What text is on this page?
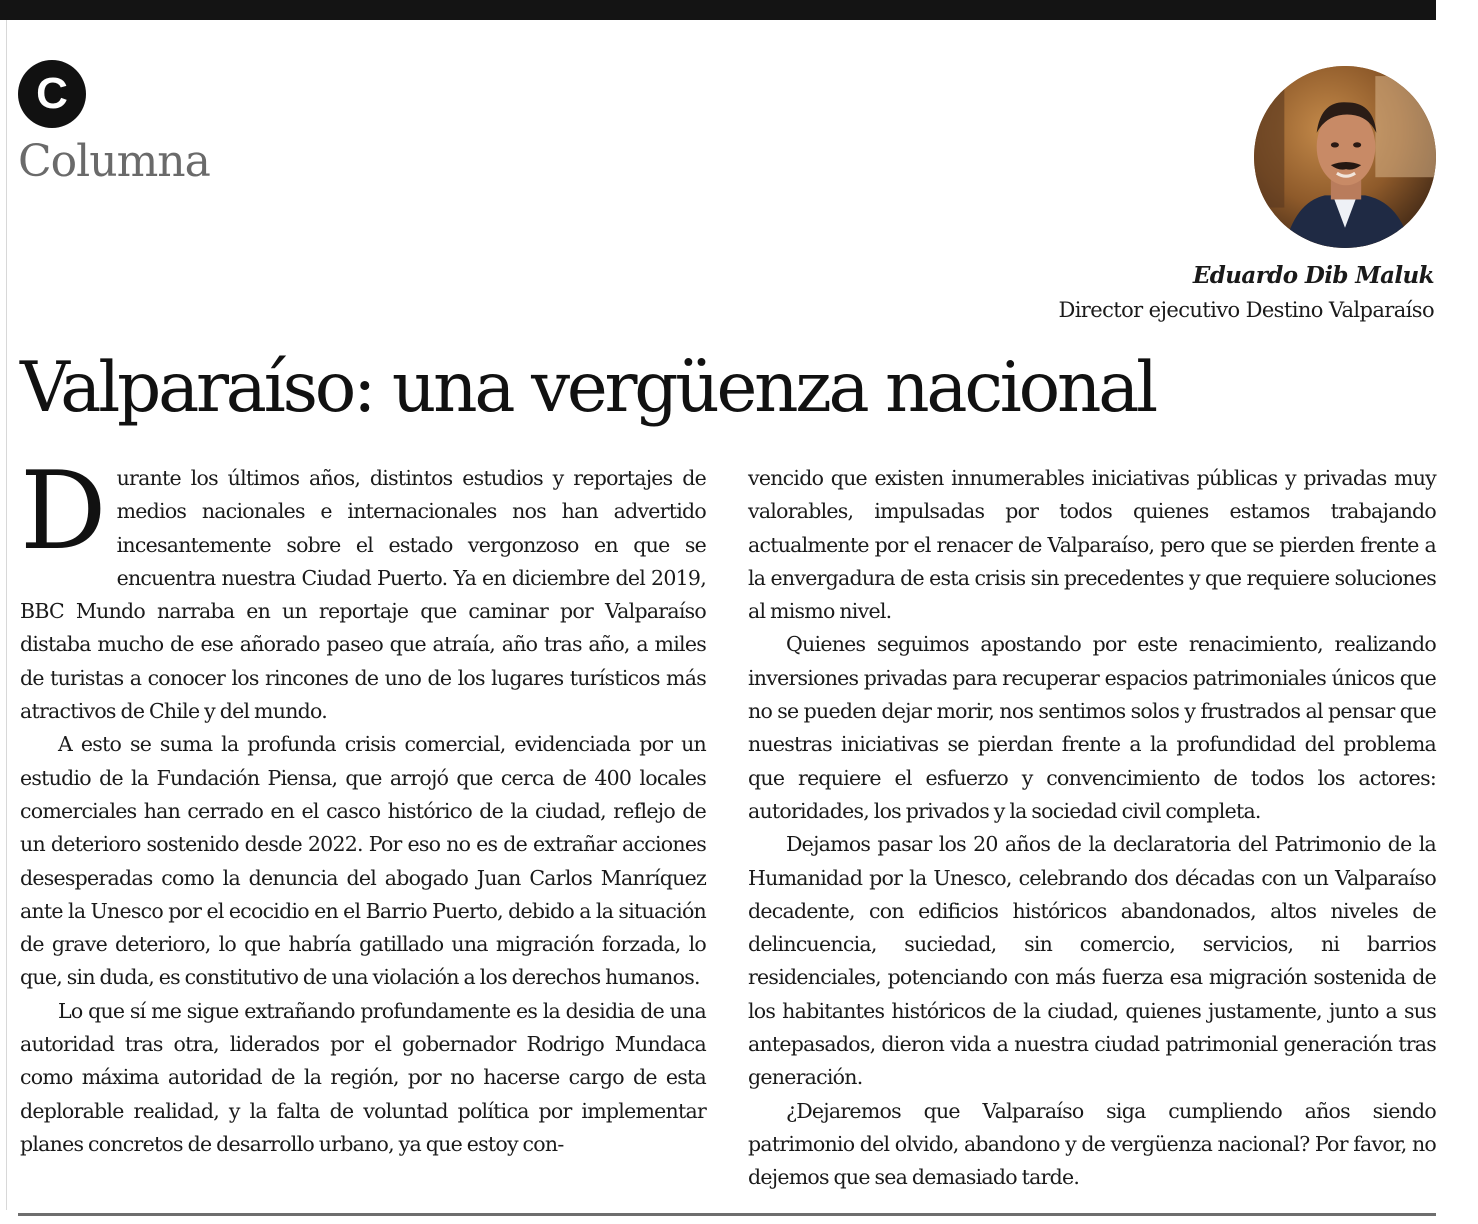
C
Columna
Eduardo Dib Maluk
Director ejecutivo Destino Valparaíso
Valparaíso: una vergüenza nacional

Durante los últimos años, distintos estudios y reportajes de medios nacionales e internacionales nos han advertido incesantemente sobre el estado vergonzoso en que se encuentra nuestra Ciudad Puerto. Ya en diciembre del 2019, BBC Mundo narraba en un reportaje que caminar por Valparaíso distaba mucho de ese añorado paseo que atraía, año tras año, a miles de turistas a conocer los rincones de uno de los lugares turísticos más atractivos de Chile y del mundo.

A esto se suma la profunda crisis comercial, evidenciada por un estudio de la Fundación Piensa, que arrojó que cerca de 400 locales comerciales han cerrado en el casco histórico de la ciudad, reflejo de un deterioro sostenido desde 2022. Por eso no es de extrañar acciones desesperadas como la denuncia del abogado Juan Carlos Manríquez ante la Unesco por el ecocidio en el Barrio Puerto, debido a la situación de grave deterioro, lo que habría gatillado una migración forzada, lo que, sin duda, es constitutivo de una violación a los derechos humanos.

Lo que sí me sigue extrañando profundamente es la desidia de una autoridad tras otra, liderados por el gobernador Rodrigo Mundaca como máxima autoridad de la región, por no hacerse cargo de esta deplorable realidad, y la falta de voluntad política por implementar planes concretos de desarrollo urbano, ya que estoy con-

vencido que existen innumerables iniciativas públicas y privadas muy valorables, impulsadas por todos quienes estamos trabajando actualmente por el renacer de Valparaíso, pero que se pierden frente a la envergadura de esta crisis sin precedentes y que requiere soluciones al mismo nivel.

Quienes seguimos apostando por este renacimiento, realizando inversiones privadas para recuperar espacios patrimoniales únicos que no se pueden dejar morir, nos sentimos solos y frustrados al pensar que nuestras iniciativas se pierdan frente a la profundidad del problema que requiere el esfuerzo y convencimiento de todos los actores: autoridades, los privados y la sociedad civil completa.

Dejamos pasar los 20 años de la declaratoria del Patrimonio de la Humanidad por la Unesco, celebrando dos décadas con un Valparaíso decadente, con edificios históricos abandonados, altos niveles de delincuencia, suciedad, sin comercio, servicios, ni barrios residenciales, potenciando con más fuerza esa migración sostenida de los habitantes históricos de la ciudad, quienes justamente, junto a sus antepasados, dieron vida a nuestra ciudad patrimonial generación tras generación.

¿Dejaremos que Valparaíso siga cumpliendo años siendo patrimonio del olvido, abandono y de vergüenza nacional? Por favor, no dejemos que sea demasiado tarde.
